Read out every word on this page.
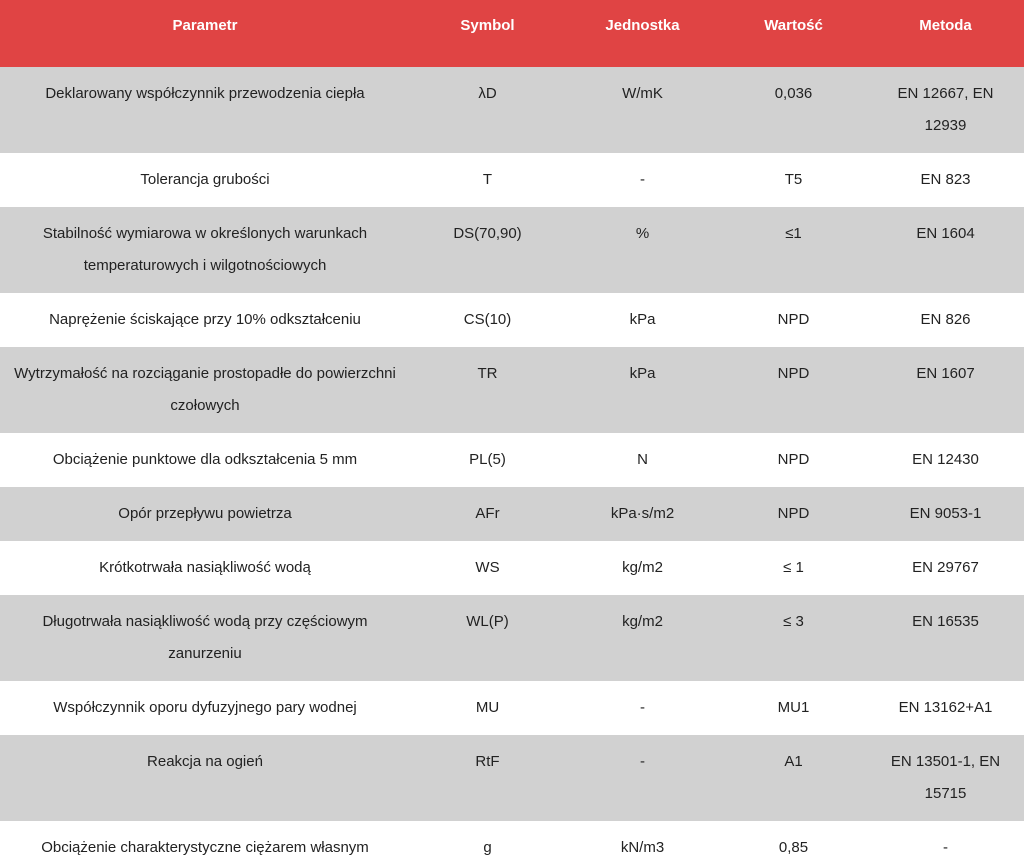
Parametr	Symbol	Jednostka	Wartość	Metoda
Deklarowany współczynnik przewodzenia ciepła	λD	W/mK	0,036	EN 12667, EN 12939
Tolerancja grubości	T	-	T5	EN 823
Stabilność wymiarowa w określonych warunkach temperaturowych i wilgotnościowych	DS(70,90)	%	≤1	EN 1604
Naprężenie ściskające przy 10% odkształceniu	CS(10)	kPa	NPD	EN 826
Wytrzymałość na rozciąganie prostopadłe do powierzchni czołowych	TR	kPa	NPD	EN 1607
Obciążenie punktowe dla odkształcenia 5 mm	PL(5)	N	NPD	EN 12430
Opór przepływu powietrza	AFr	kPa·s/m2	NPD	EN 9053-1
Krótkotrwała nasiąkliwość wodą	WS	kg/m2	≤ 1	EN 29767
Długotrwała nasiąkliwość wodą przy częściowym zanurzeniu	WL(P)	kg/m2	≤ 3	EN 16535
Współczynnik oporu dyfuzyjnego pary wodnej	MU	-	MU1	EN 13162+A1
Reakcja na ogień	RtF	-	A1	EN 13501-1, EN 15715
Obciążenie charakterystyczne ciężarem własnym	g	kN/m3	0,85	-
